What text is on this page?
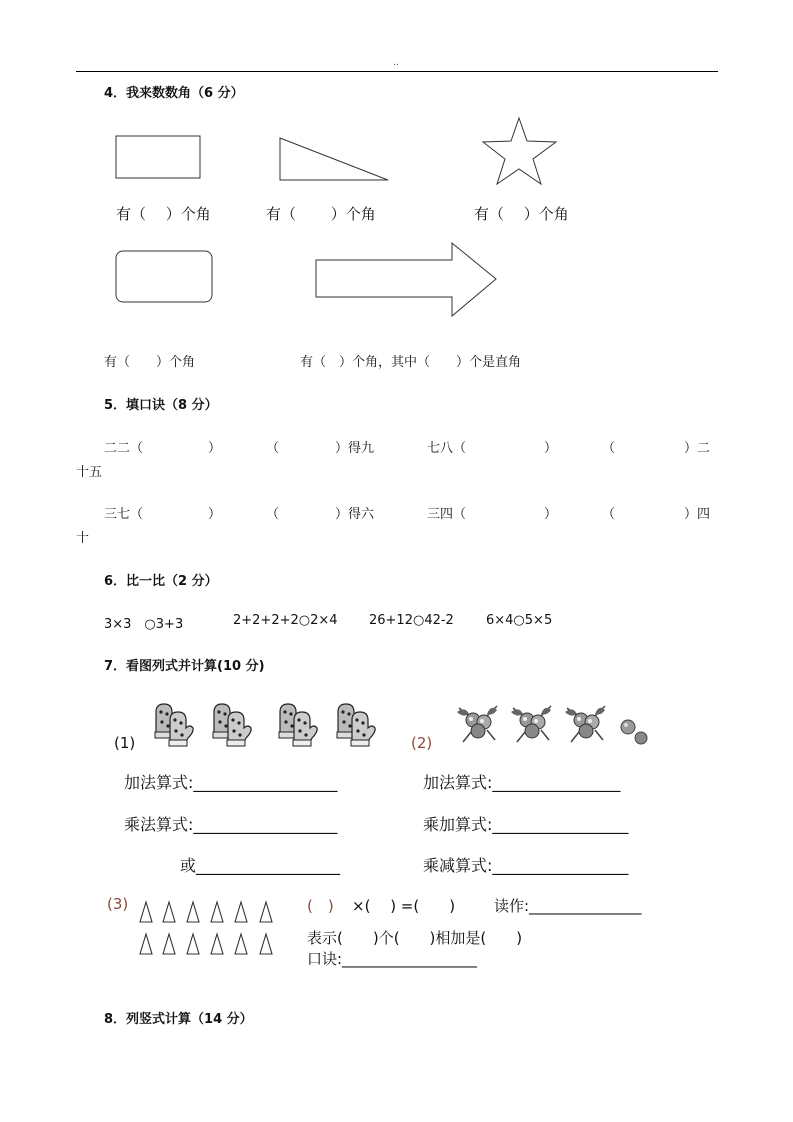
..
4．我来数数角（6 分）
有（　 ）个角	有（　　 ）个角	有（　 ）个角
有（　　）个角	有（　）个角，其中（　　）个是直角
5．填口诀（8 分）
二二（	）	（	）得九	七八（	）	（	）二
十五
三七（	）	（	）得六	三四（	）	（	）四
十
6．比一比（2 分）
3×3　○3+3	2+2+2+2○2×4 26+12○42-2 6×4○5×5
7．看图列式并计算(10 分)
(1)	(2)
加法算式:__________________
乘法算式:__________________
或__________________
加法算式:________________
乘加算式:_________________
乘减算式:_________________
(3)	(　) ×(　 ) =(　　)	读作:_______________
表示(　　)个(　　)相加是(　　)
口诀:__________________
8．列竖式计算（14 分）
